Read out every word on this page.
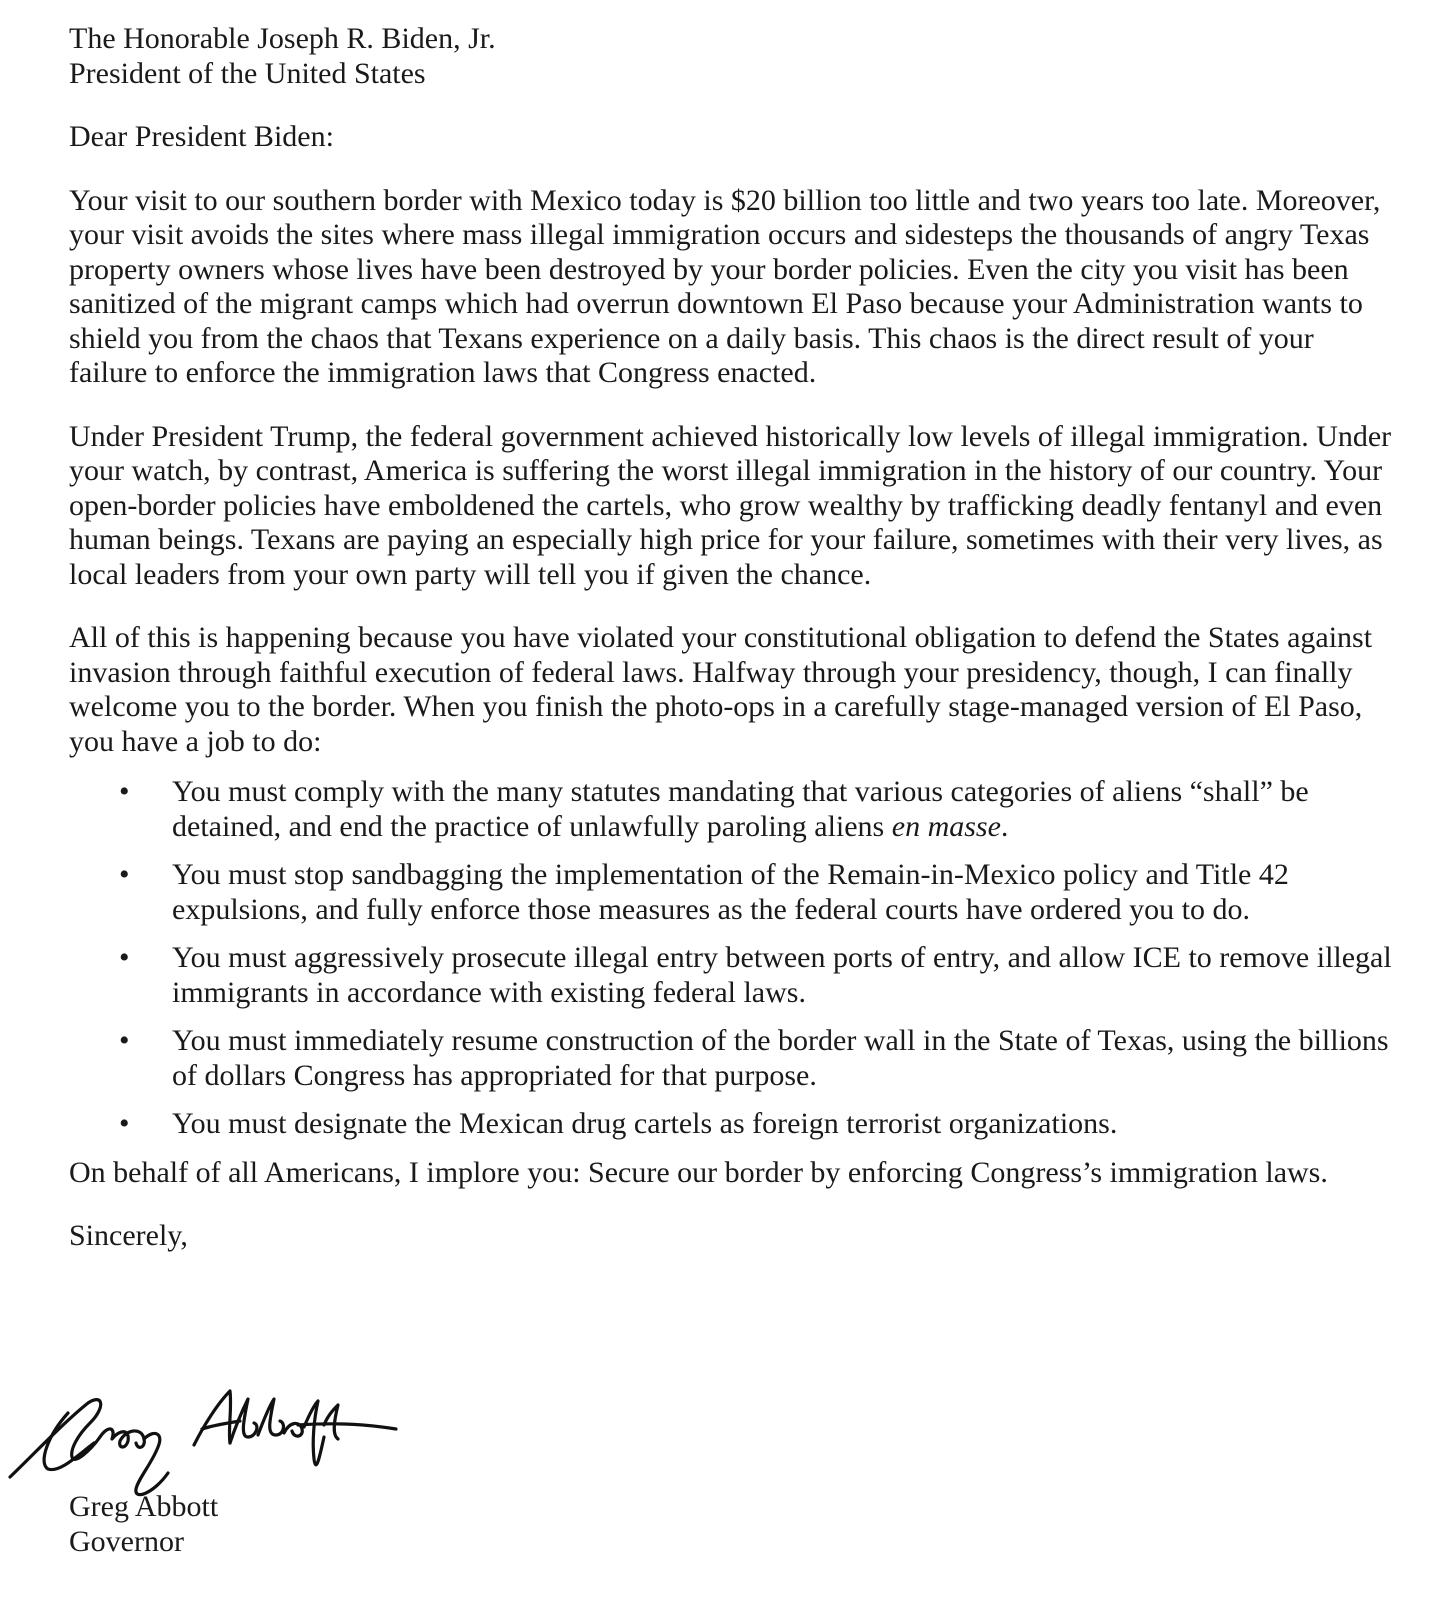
The Honorable Joseph R. Biden, Jr.

President of the United States

Dear President Biden:

Your visit to our southern border with Mexico today is $20 billion too little and two years too late. Moreover, your visit avoids the sites where mass illegal immigration occurs and sidesteps the thousands of angry Texas property owners whose lives have been destroyed by your border policies. Even the city you visit has been sanitized of the migrant camps which had overrun downtown El Paso because your Administration wants to shield you from the chaos that Texans experience on a daily basis. This chaos is the direct result of your failure to enforce the immigration laws that Congress enacted.

Under President Trump, the federal government achieved historically low levels of illegal immigration. Under your watch, by contrast, America is suffering the worst illegal immigration in the history of our country. Your open-border policies have emboldened the cartels, who grow wealthy by trafficking deadly fentanyl and even human beings. Texans are paying an especially high price for your failure, sometimes with their very lives, as local leaders from your own party will tell you if given the chance.

All of this is happening because you have violated your constitutional obligation to defend the States against invasion through faithful execution of federal laws. Halfway through your presidency, though, I can finally welcome you to the border. When you finish the photo-ops in a carefully stage-managed version of El Paso, you have a job to do:

• You must comply with the many statutes mandating that various categories of aliens “shall” be detained, and end the practice of unlawfully paroling aliens en masse.
• You must stop sandbagging the implementation of the Remain-in-Mexico policy and Title 42 expulsions, and fully enforce those measures as the federal courts have ordered you to do.
• You must aggressively prosecute illegal entry between ports of entry, and allow ICE to remove illegal immigrants in accordance with existing federal laws.
• You must immediately resume construction of the border wall in the State of Texas, using the billions of dollars Congress has appropriated for that purpose.
• You must designate the Mexican drug cartels as foreign terrorist organizations.

On behalf of all Americans, I implore you: Secure our border by enforcing Congress’s immigration laws.

Sincerely,

Greg Abbott

Governor
